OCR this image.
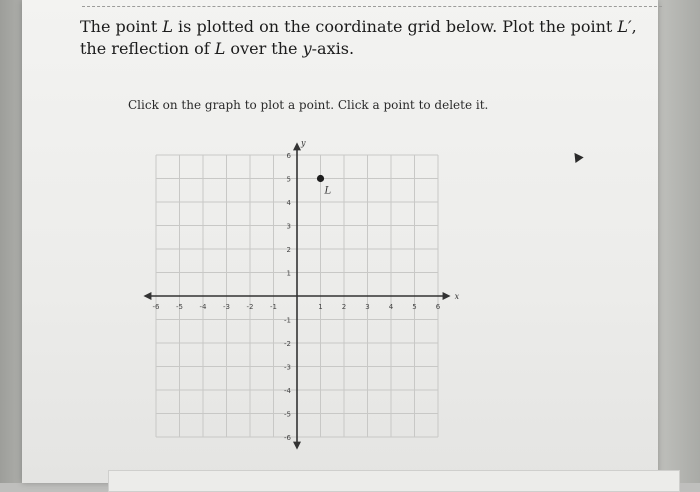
The point L is plotted on the coordinate grid below. Plot the point L′, the reflection of L over the y-axis.
Click on the graph to plot a point. Click a point to delete it.
x
y
-6 -5 -4 -3 -2 -1	1	2	3	4	5	6
-6
-5
-4
-3
-2
-1
1
2
3
4
5
6
L
